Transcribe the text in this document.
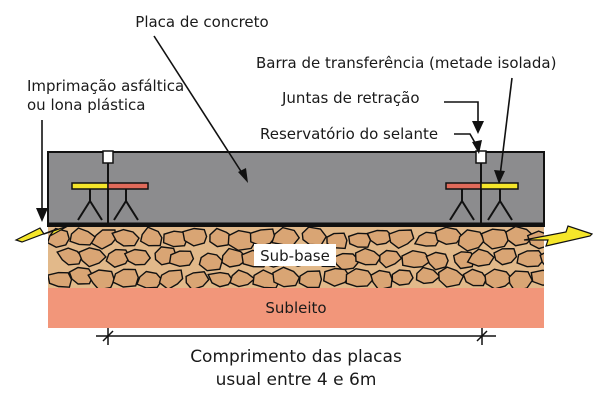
Subleito
Sub-base
Placa de concreto
Barra de transferência (metade isolada)
Imprimação asfáltica
ou lona plástica	Juntas de retração
Reservatório do selante
Comprimento das placas
usual entre 4 e 6m
